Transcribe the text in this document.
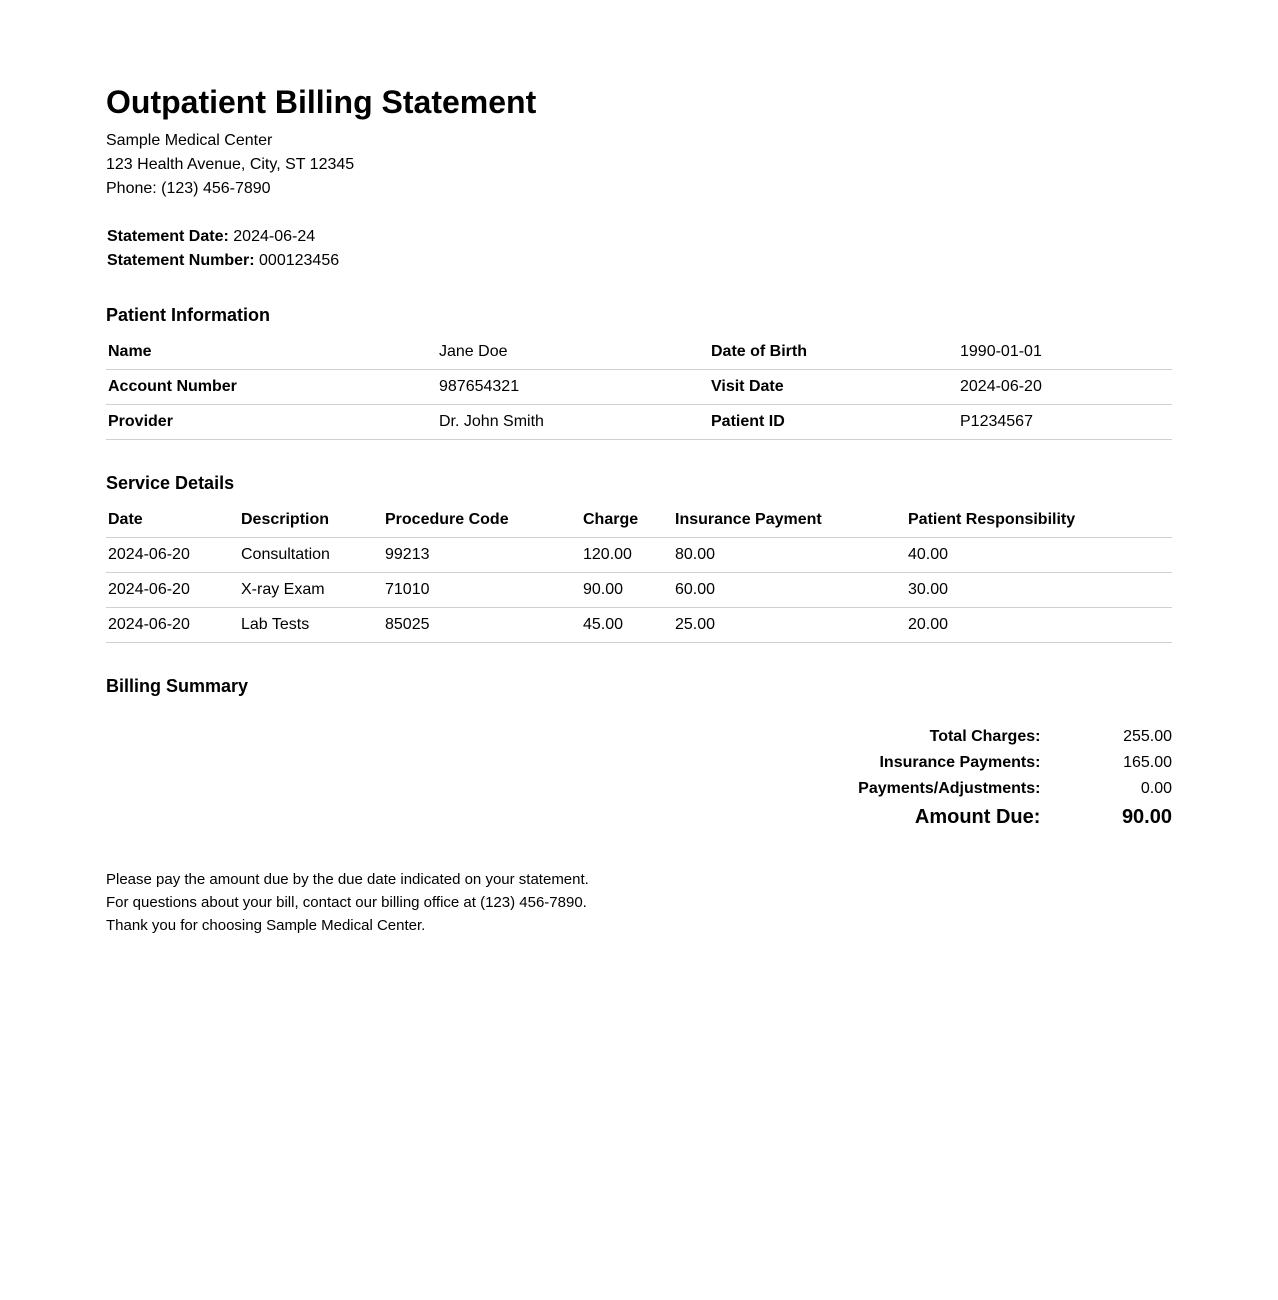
Outpatient Billing Statement
Sample Medical Center
123 Health Avenue, City, ST 12345
Phone: (123) 456-7890
Statement Date: 2024-06-24
Statement Number: 000123456
Patient Information
Name	Jane Doe	Date of Birth	1990-01-01
Account Number	987654321	Visit Date	2024-06-20
Provider	Dr. John Smith	Patient ID	P1234567
Service Details
Date	Description	Procedure Code	Charge	Insurance Payment	Patient Responsibility
2024-06-20	Consultation	99213	120.00	80.00	40.00
2024-06-20	X-ray Exam	71010	90.00	60.00	30.00
2024-06-20	Lab Tests	85025	45.00	25.00	20.00
Billing Summary
Total Charges:	255.00
Insurance Payments:	165.00
Payments/Adjustments:	0.00
Amount Due:	90.00
Please pay the amount due by the due date indicated on your statement.
For questions about your bill, contact our billing office at (123) 456-7890.
Thank you for choosing Sample Medical Center.
